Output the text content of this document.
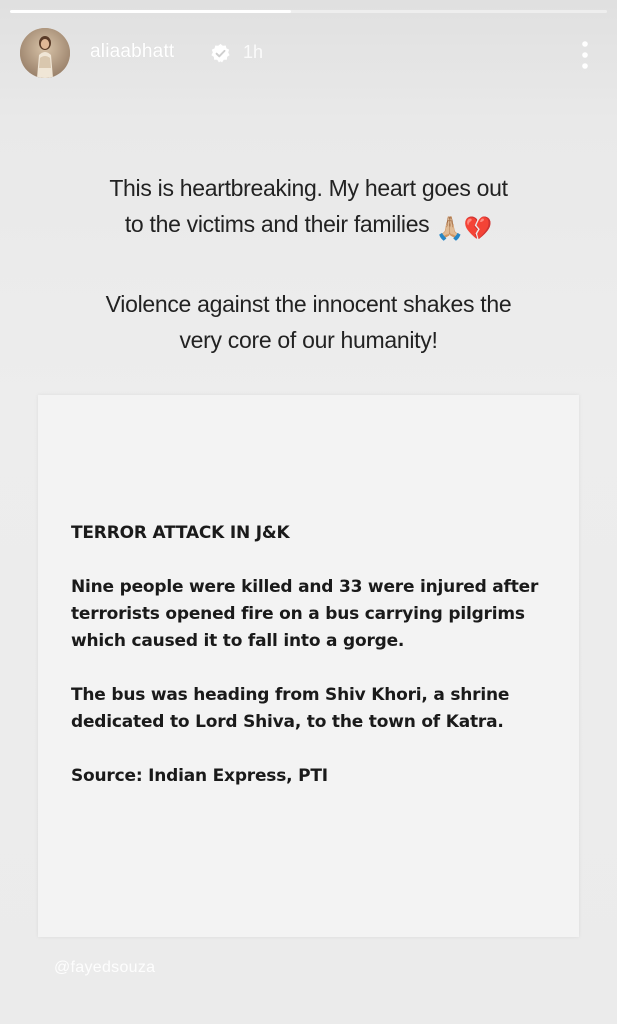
aliaabhatt	1h

This is heartbreaking. My heart goes out

to the victims and their families 🙏🏼💔

Violence against the innocent shakes the

very core of our humanity!

TERROR ATTACK IN J&K

Nine people were killed and 33 were injured after terrorists opened fire on a bus carrying pilgrims which caused it to fall into a gorge.

The bus was heading from Shiv Khori, a shrine dedicated to Lord Shiva, to the town of Katra.

Source: Indian Express, PTI

@fayedsouza
